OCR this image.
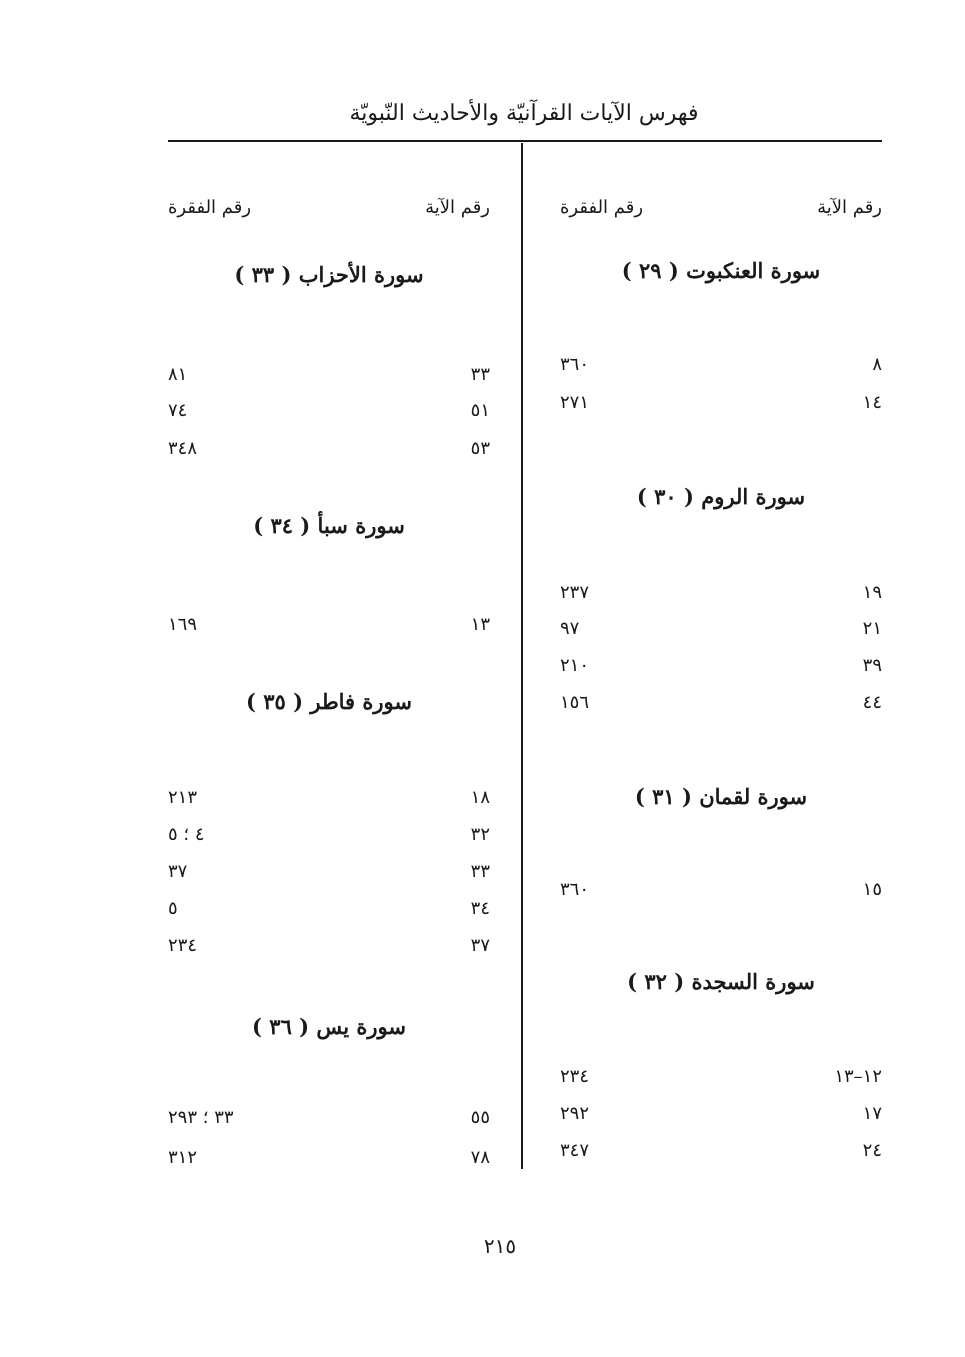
فهرس الآيات القرآنيّة والأحاديث النّبويّة
رقم الآية
رقم الفقرة
سورة العنكبوت ( ٢٩ )
٨
٣٦٠
١٤
٢٧١
سورة الروم ( ٣٠ )
١٩
٢٣٧
٢١
٩٧
٣٩
٢١٠
٤٤
١٥٦
سورة لقمان ( ٣١ )
١٥
٣٦٠
سورة السجدة ( ٣٢ )
١٢–١٣
٢٣٤
١٧
٢٩٢
٢٤
٣٤٧
رقم الآية
رقم الفقرة
سورة الأحزاب ( ٣٣ )
٣٣
٨١
٥١
٧٤
٥٣
٣٤٨
سورة سبأ ( ٣٤ )
١٣
١٦٩
سورة فاطر ( ٣٥ )
١٨
٢١٣
٣٢
٤ ؛ ٥
٣٣
٣٧
٣٤
٥
٣٧
٢٣٤
سورة يس ( ٣٦ )
٥٥
٣٣ ؛ ٢٩٣
٧٨
٣١٢
٢١٥
